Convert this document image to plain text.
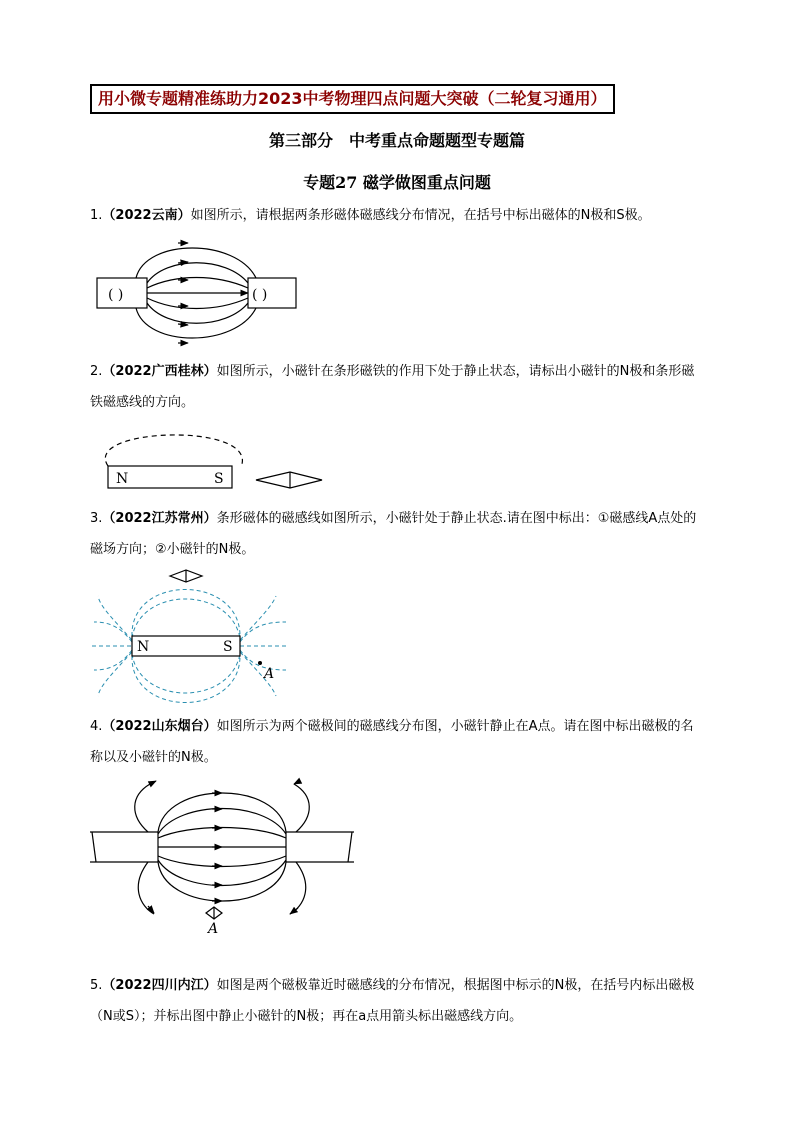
用小微专题精准练助力2023中考物理四点问题大突破（二轮复习通用）
第三部分　中考重点命题题型专题篇
专题27 磁学做图重点问题
1.（2022云南）如图所示，请根据两条形磁体磁感线分布情况，在括号中标出磁体的N极和S极。
( )	( )
2.（2022广西桂林）如图所示，小磁针在条形磁铁的作用下处于静止状态，请标出小磁针的N极和条形磁铁磁感线的方向。
N	S
3.（2022江苏常州）条形磁体的磁感线如图所示，小磁针处于静止状态.请在图中标出：①磁感线A点处的磁场方向；②小磁针的N极。
N	S
A
4.（2022山东烟台）如图所示为两个磁极间的磁感线分布图，小磁针静止在A点。请在图中标出磁极的名称以及小磁针的N极。
A
5.（2022四川内江）如图是两个磁极靠近时磁感线的分布情况，根据图中标示的N极，在括号内标出磁极（N或S）；并标出图中静止小磁针的N极；再在a点用箭头标出磁感线方向。
